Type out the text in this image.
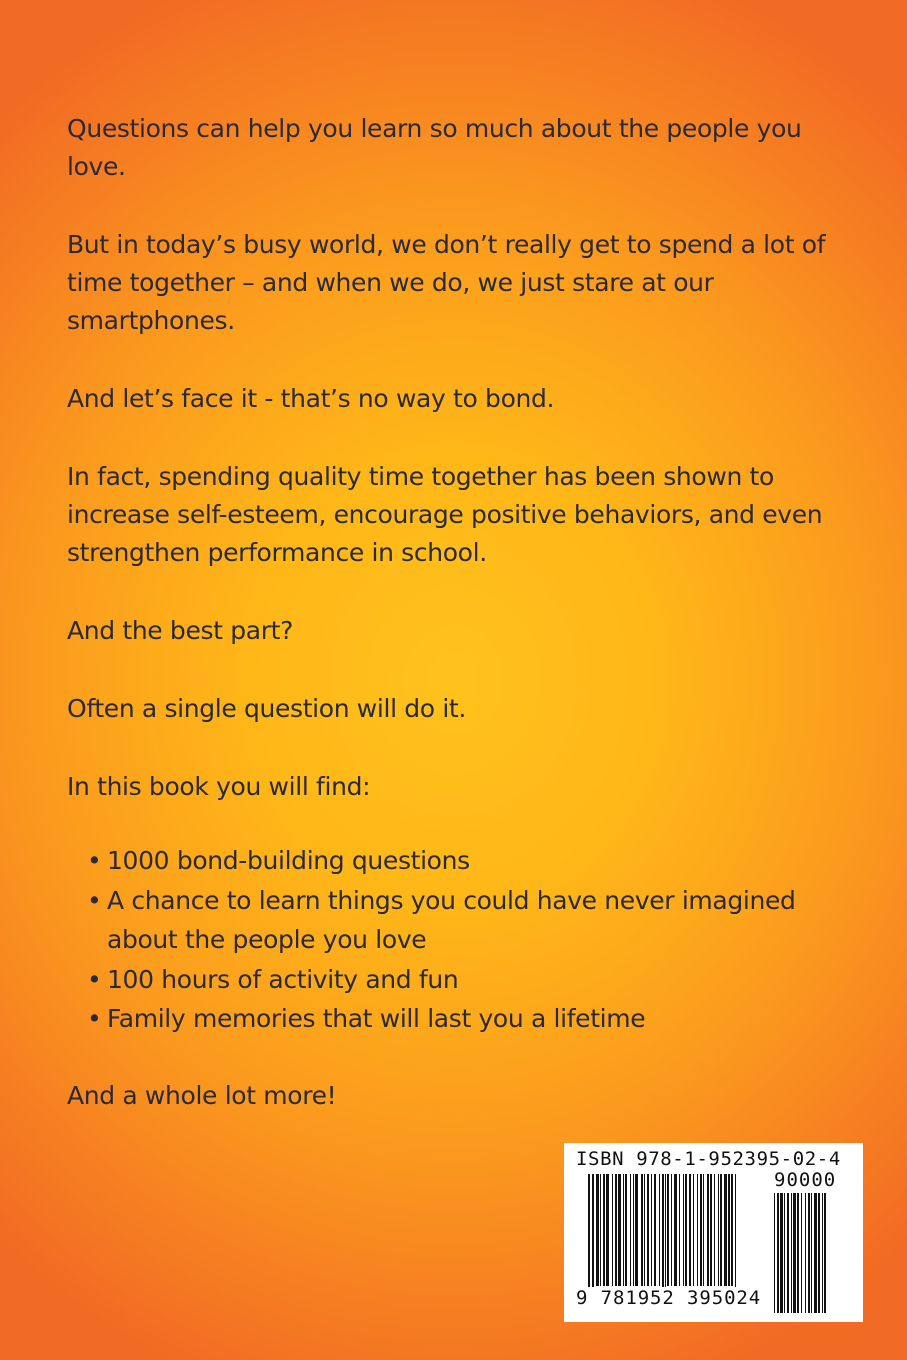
Questions can help you learn so much about the people you love.

But in today’s busy world, we don’t really get to spend a lot of time together – and when we do, we just stare at our smartphones.

And let’s face it - that’s no way to bond.

In fact, spending quality time together has been shown to increase self-esteem, encourage positive behaviors, and even strengthen performance in school.

And the best part?

Often a single question will do it.

In this book you will find:

• 1000 bond-building questions
• A chance to learn things you could have never imagined about the people you love
• 100 hours of activity and fun
• Family memories that will last you a lifetime

And a whole lot more!

ISBN 978-1-952395-02-4
90000
9 781952 395024
